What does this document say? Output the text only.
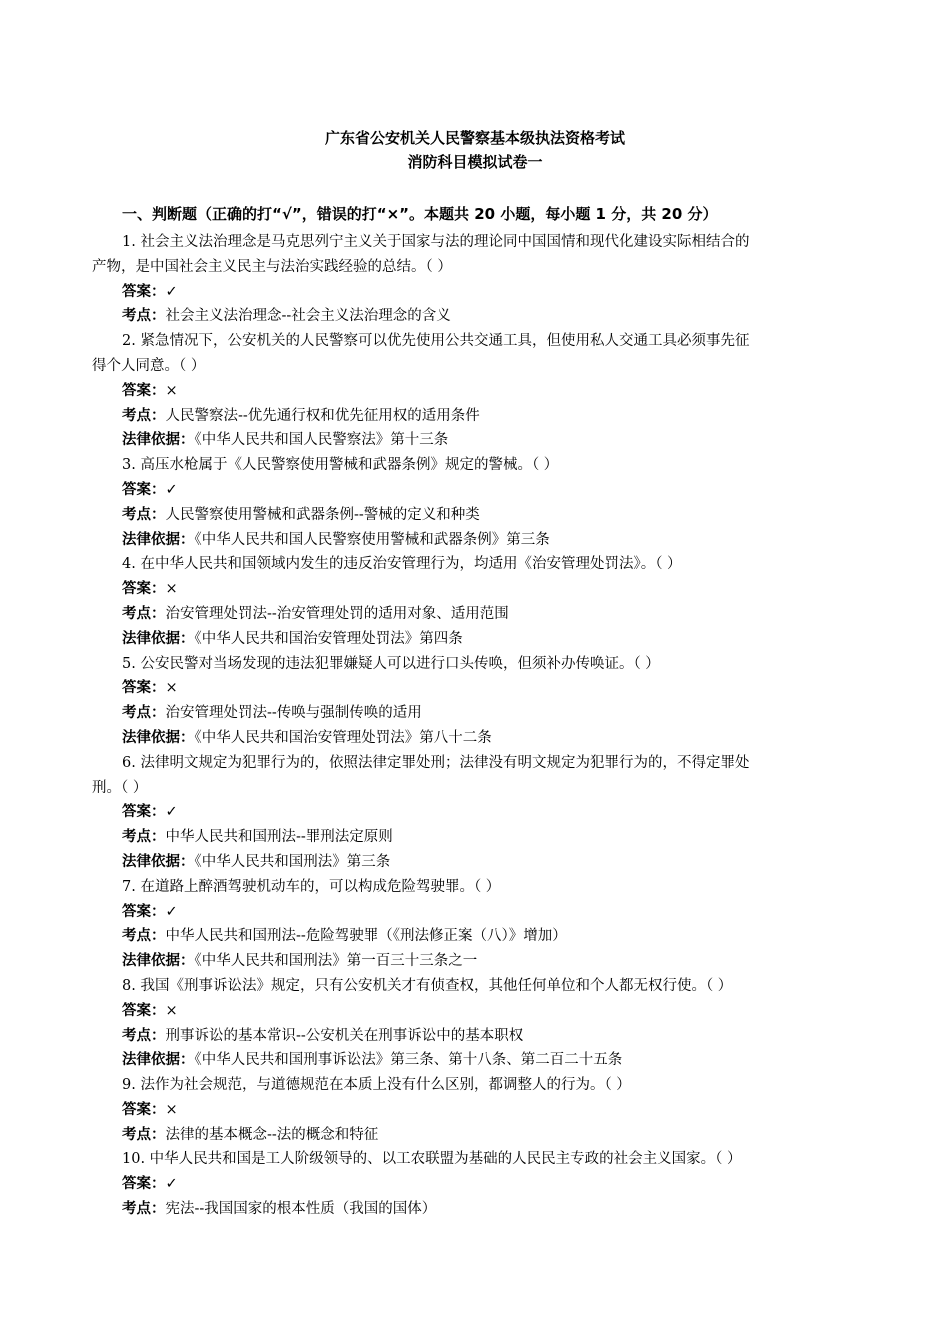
广东省公安机关人民警察基本级执法资格考试
消防科目模拟试卷一
一、判断题（正确的打“√”，错误的打“×”。本题共 20 小题，每小题 1 分，共 20 分）
1. 社会主义法治理念是马克思列宁主义关于国家与法的理论同中国国情和现代化建设实际相结合的
产物，是中国社会主义民主与法治实践经验的总结。（ ）
答案：✓
考点：社会主义法治理念--社会主义法治理念的含义
2. 紧急情况下，公安机关的人民警察可以优先使用公共交通工具，但使用私人交通工具必须事先征
得个人同意。（ ）
答案：×
考点：人民警察法--优先通行权和优先征用权的适用条件
法律依据：《中华人民共和国人民警察法》第十三条
3. 高压水枪属于《人民警察使用警械和武器条例》规定的警械。（ ）
答案：✓
考点：人民警察使用警械和武器条例--警械的定义和种类
法律依据：《中华人民共和国人民警察使用警械和武器条例》第三条
4. 在中华人民共和国领域内发生的违反治安管理行为，均适用《治安管理处罚法》。（ ）
答案：×
考点：治安管理处罚法--治安管理处罚的适用对象、适用范围
法律依据：《中华人民共和国治安管理处罚法》第四条
5. 公安民警对当场发现的违法犯罪嫌疑人可以进行口头传唤，但须补办传唤证。（ ）
答案：×
考点：治安管理处罚法--传唤与强制传唤的适用
法律依据：《中华人民共和国治安管理处罚法》第八十二条
6. 法律明文规定为犯罪行为的，依照法律定罪处刑；法律没有明文规定为犯罪行为的，不得定罪处
刑。（ ）
答案：✓
考点：中华人民共和国刑法--罪刑法定原则
法律依据：《中华人民共和国刑法》第三条
7. 在道路上醉酒驾驶机动车的，可以构成危险驾驶罪。（ ）
答案：✓
考点：中华人民共和国刑法--危险驾驶罪（《刑法修正案（八）》增加）
法律依据：《中华人民共和国刑法》第一百三十三条之一
8. 我国《刑事诉讼法》规定，只有公安机关才有侦查权，其他任何单位和个人都无权行使。（ ）
答案：×
考点：刑事诉讼的基本常识--公安机关在刑事诉讼中的基本职权
法律依据：《中华人民共和国刑事诉讼法》第三条、第十八条、第二百二十五条
9. 法作为社会规范，与道德规范在本质上没有什么区别，都调整人的行为。（ ）
答案：×
考点：法律的基本概念--法的概念和特征
10. 中华人民共和国是工人阶级领导的、以工农联盟为基础的人民民主专政的社会主义国家。（ ）
答案：✓
考点：宪法--我国国家的根本性质（我国的国体）
